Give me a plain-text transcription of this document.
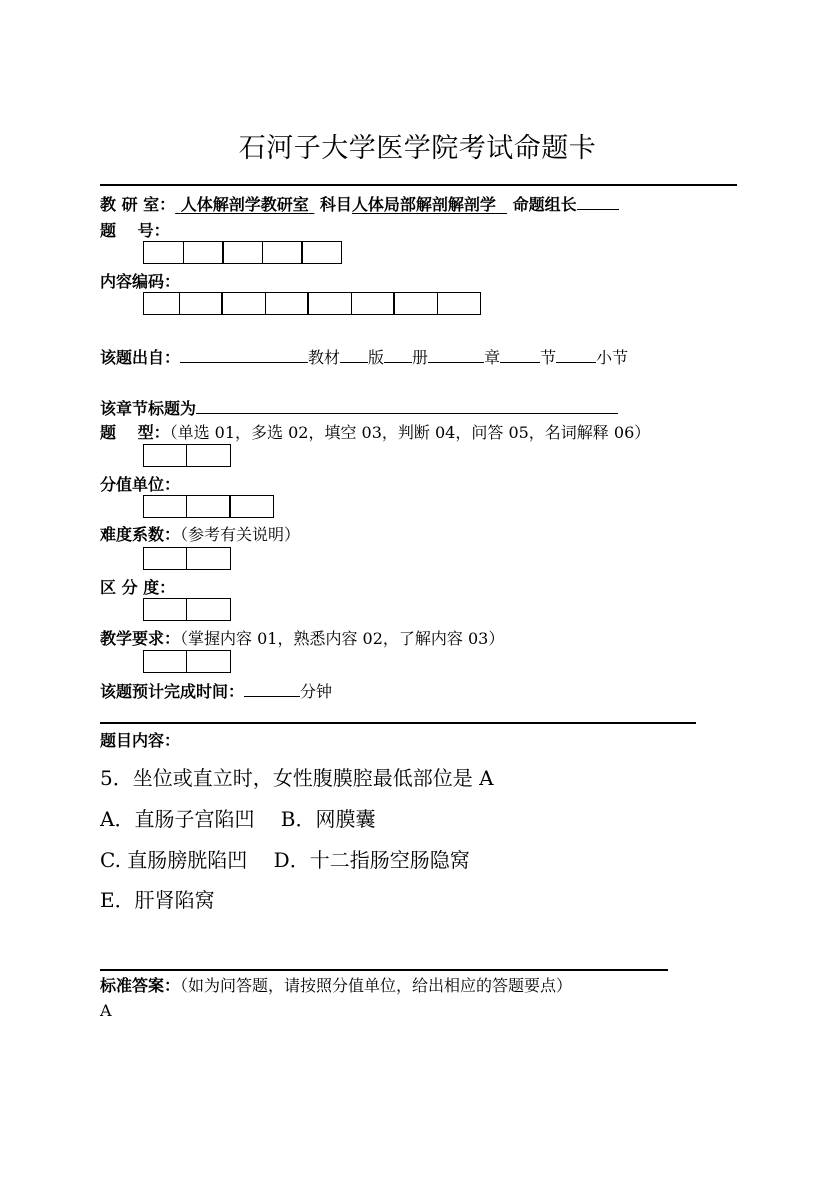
石河子大学医学院考试命题卡
教 研 室： 人体解剖学教研室 科目人体局部解剖解剖学 命题组长
题　 号：
内容编码：
该题出自：	教材 版 册	章	节	小节
该章节标题为
题　 型：（单选 01，多选 02，填空 03，判断 04，问答 05，名词解释 06）
分值单位：
难度系数：（参考有关说明）
区 分 度：
教学要求：（掌握内容 01，熟悉内容 02，了解内容 03）
该题预计完成时间：	分钟
题目内容：
5．坐位或直立时，女性腹膜腔最低部位是 A
A．直肠子宫陷凹　 B．网膜囊
C. 直肠膀胱陷凹　 D．十二指肠空肠隐窝
E．肝肾陷窝
标准答案：（如为问答题，请按照分值单位，给出相应的答题要点）
A
